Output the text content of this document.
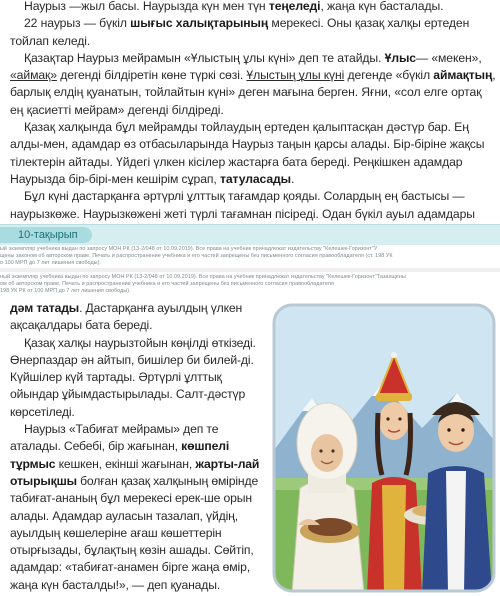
Наурыз —жыл басы. Наурызда күн мен түн теңеледі, жаңа күн басталады.

22 наурыз — бүкіл шығыс халықтарының мерекесі. Оны қазақ халқы ертеден тойлап келеді.

Қазақтар Наурыз мейрамын «Ұлыстың ұлы күні» деп те атайды. Ұлыс— «мекен», «аймақ» дегенді білдіретін көне түркі сөзі. Ұлыстың ұлы күні дегенде «бүкіл аймақтың, барлық елдің қуанатын, тойлайтын күні» деген мағына берген. Яғни, «сол елге ортақ ең қасиетті мейрам» дегенді білдіреді.

Қазақ халқында бұл мейрамды тойлаудың ертеден қалыптасқан дәстүр бар. Ең алды-мен, адамдар өз отбасыларында Наурыз таңын қарсы алады. Бір-біріне жақсы тілектерін айтады. Үйдегі үлкен кісілер жастарға бата береді. Реңкішкен адамдар Наурызда бір-бірі-мен кешірім сұрап, татуласады.

Бұл күні дастарқанға әртүрлі ұлттық тағамдар қояды. Солардың ең бастысы — наурызкөже. Наурызкөжені жеті түрлі тағамнан пісіреді. Одан бүкіл ауыл адамдары

10-тақырып
ый экземпляр учебника выдан по запросу МОН РК (13-2/048 от 10.09.2019). Все права на учебник принадлежат издательству "Келешек-Горизонт"У
щены законом об авторском праве. Печать и распространение учебника и его частей запрещены без письменного согласия правообладателя (ст. 198 УК
о 100 МРП до 7 лет лишения свободы).
ный экземпляр учебника выдан по запросу МОН РК (13-2/048 от 10.09.2019). Все права на учебник принадлежат издательству "Келешек-Горизонт"Тазахщены
ом об авторском праве. Печать и распространение учебника и его частей запрещены без письменного согласия правообладателя
198 УК РК от 100 МРП до 7 лет лишения свободы).

дәм татады. Дастарқанға ауылдың үлкен ақсақалдары бата береді.

Қазақ халқы наурызтойын көңілді өткізеді. Өнерпаздар ән айтып, бишілер би билей-ді. Күйшілер күй тартады. Әртүрлі ұлттық ойындар ұйымдастырылады. Салт-дәстүр көрсетіледі.

Наурыз «Табиғат мейрамы» деп те аталады. Себебі, бір жағынан, көшпелі тұрмыс кешкен, екінші жағынан, жарты-лай отырықшы болған қазақ халқының өмірінде табиғат-ананың бұл мерекесі ерек-ше орын алады. Адамдар ауласын тазалап, үйдің, ауылдың көшелеріне ағаш көшеттерін отырғызады, бұлақтың көзін ашады. Сөйтіп, адамдар: «табиғат-анамен бірге жаңа өмір, жаңа күн басталды!», — деп қуанады.
